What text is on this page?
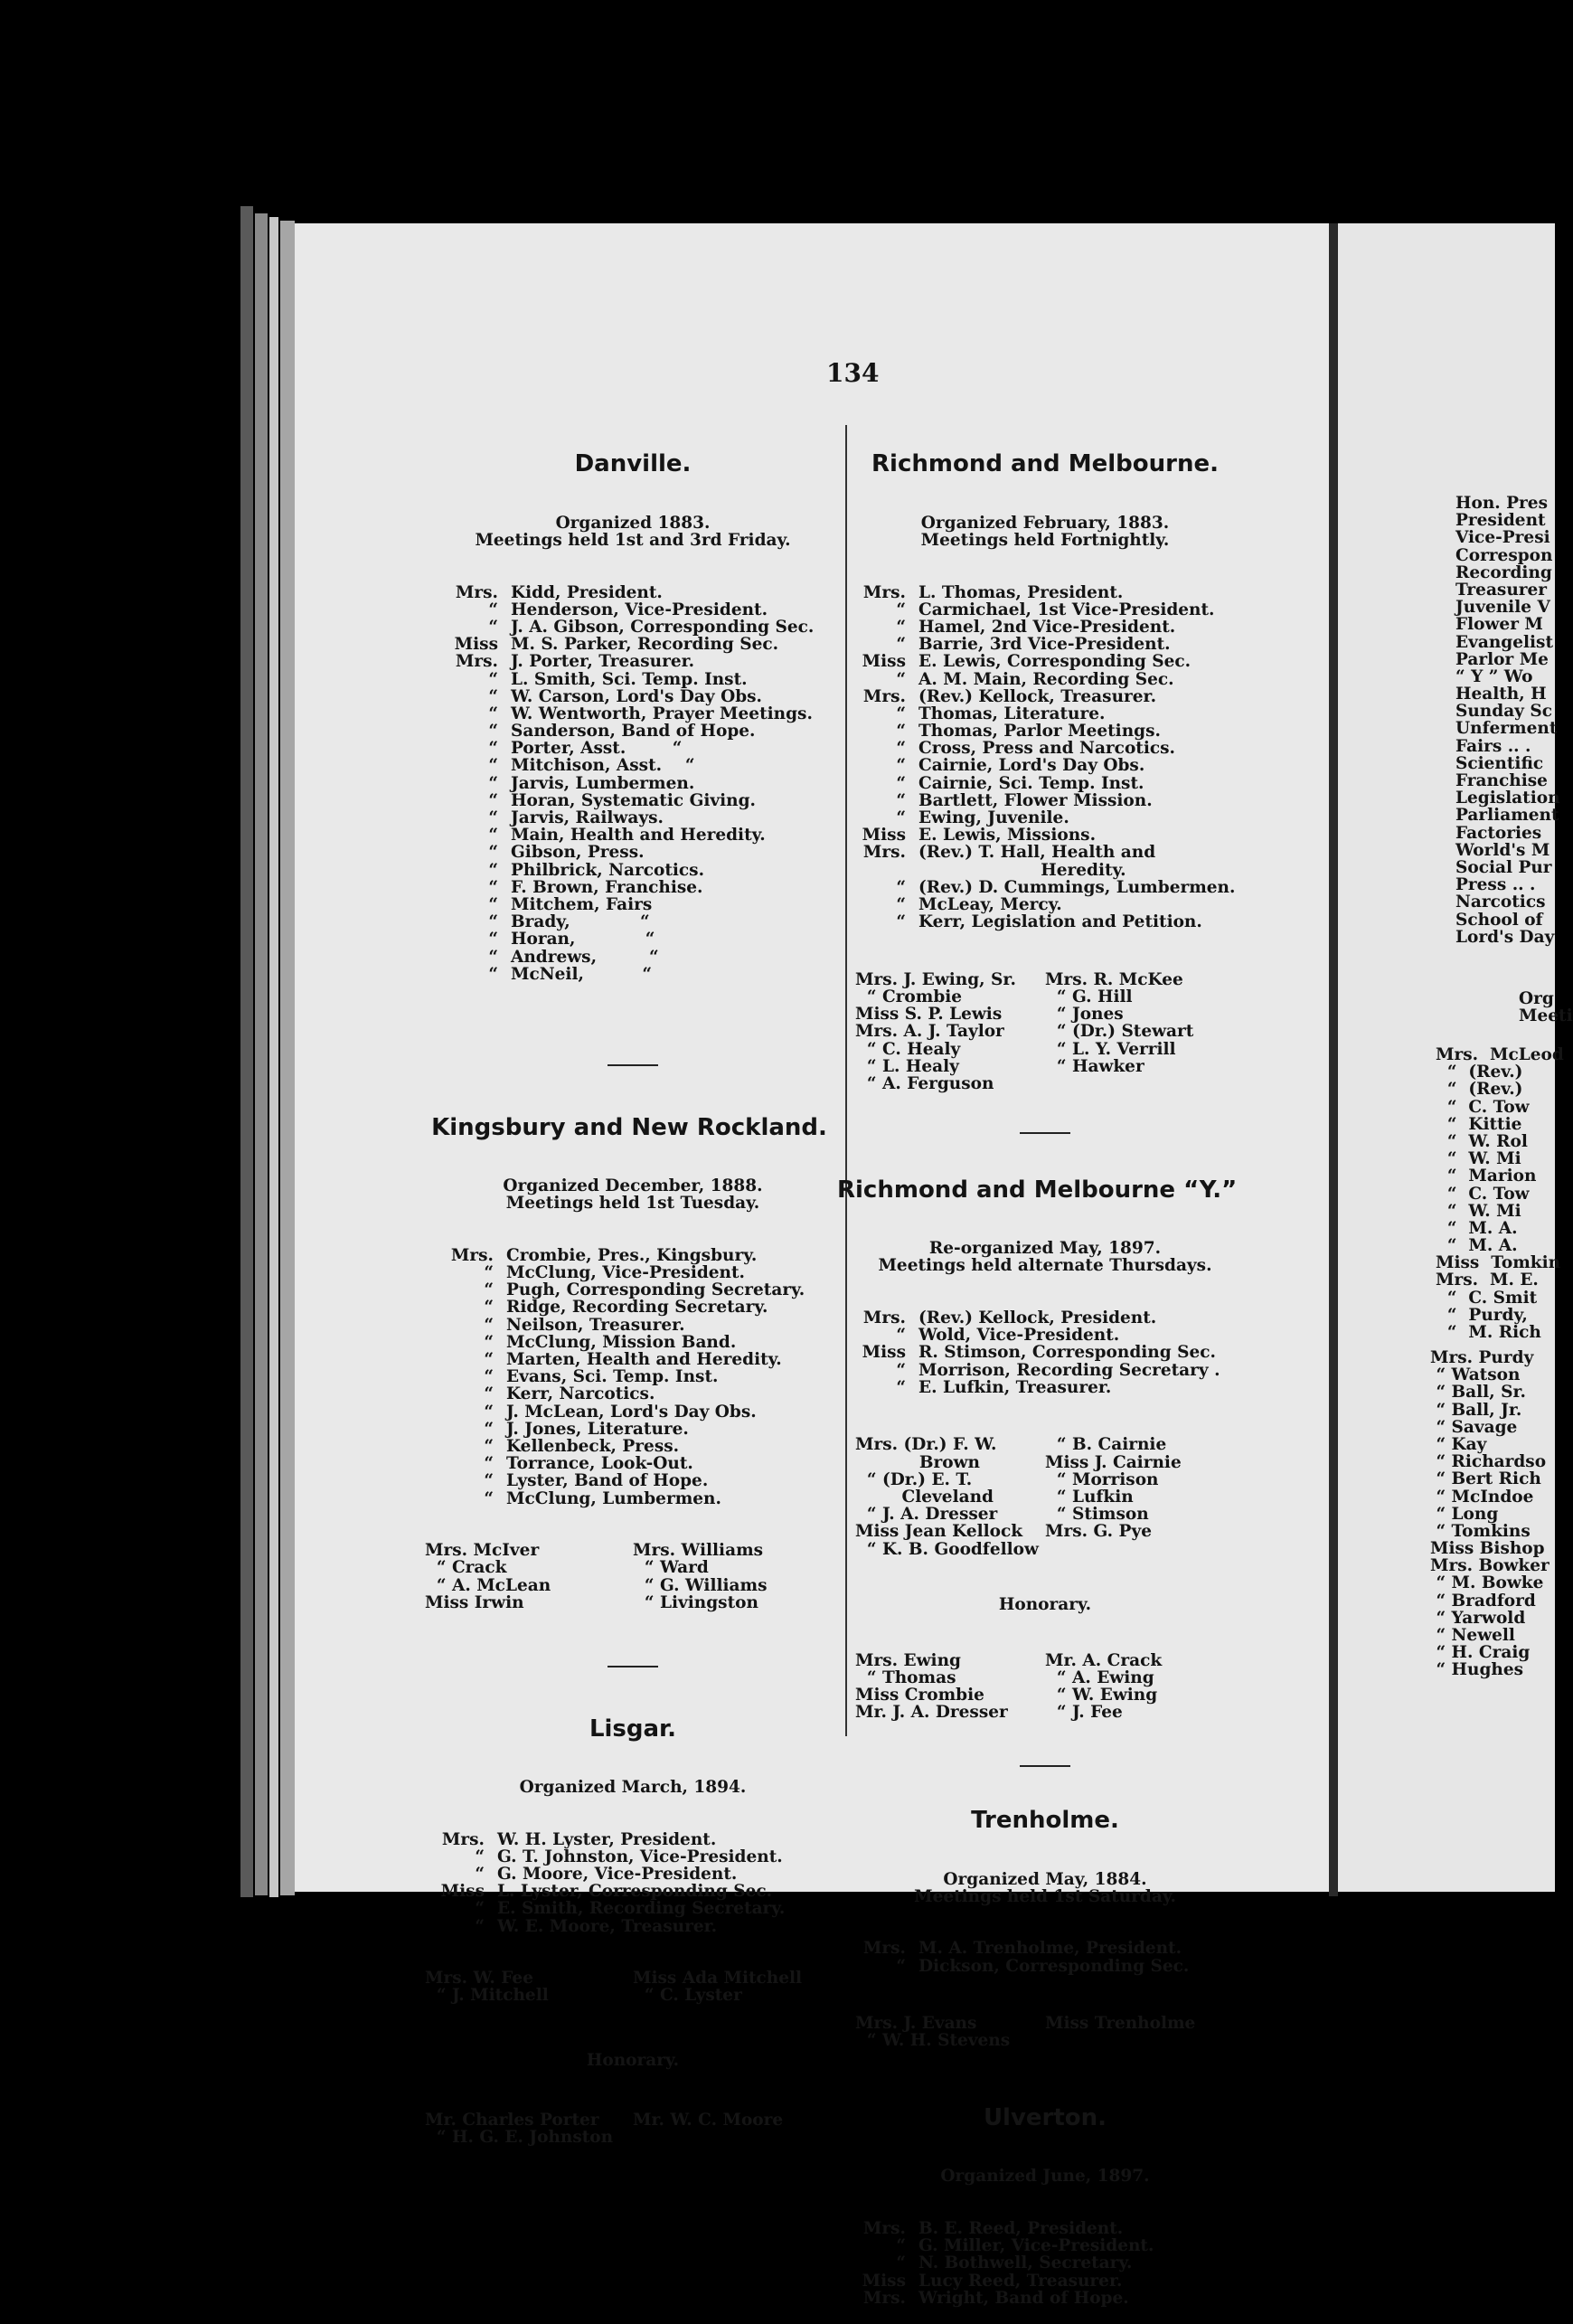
134

Danville.

Organized 1883.
Meetings held 1st and 3rd Friday.

Mrs. Kidd, President.
“ Henderson, Vice-President.
“ J. A. Gibson, Corresponding Sec.
Miss M. S. Parker, Recording Sec.
Mrs. J. Porter, Treasurer.
“ L. Smith, Sci. Temp. Inst.
“ W. Carson, Lord's Day Obs.
“ W. Wentworth, Prayer Meetings.
“ Sanderson, Band of Hope.
“ Porter, Asst.        “
“ Mitchison, Asst.    “
“ Jarvis, Lumbermen.
“ Horan, Systematic Giving.
“ Jarvis, Railways.
“ Main, Health and Heredity.
“ Gibson, Press.
“ Philbrick, Narcotics.
“ F. Brown, Franchise.
“ Mitchem, Fairs
“ Brady,            “
“ Horan,            “
“ Andrews,         “
“ McNeil,          “

Kingsbury and New Rockland.

Organized December, 1888.
Meetings held 1st Tuesday.

Mrs. Crombie, Pres., Kingsbury.
“ McClung, Vice-President.
“ Pugh, Corresponding Secretary.
“ Ridge, Recording Secretary.
“ Neilson, Treasurer.
“ McClung, Mission Band.
“ Marten, Health and Heredity.
“ Evans, Sci. Temp. Inst.
“ Kerr, Narcotics.
“ J. McLean, Lord's Day Obs.
“ J. Jones, Literature.
“ Kellenbeck, Press.
“ Torrance, Look-Out.
“ Lyster, Band of Hope.
“ McClung, Lumbermen.

Mrs. McIver
“ Crack
“ A. McLean
Miss Irwin
Mrs. Williams
“ Ward
“ G. Williams
“ Livingston

Lisgar.

Organized March, 1894.

Mrs. W. H. Lyster, President.
“ G. T. Johnston, Vice-President.
“ G. Moore, Vice-President.
Miss L. Lyster, Corresponding Sec.
“ E. Smith, Recording Secretary.
“ W. E. Moore, Treasurer.

Mrs. W. Fee
“ J. Mitchell
Miss Ada Mitchell
“ C. Lyster

Honorary.

Mr. Charles Porter
“ H. G. E. Johnston
Mr. W. C. Moore

Richmond and Melbourne.

Organized February, 1883.
Meetings held Fortnightly.

Mrs. L. Thomas, President.
“ Carmichael, 1st Vice-President.
“ Hamel, 2nd Vice-President.
“ Barrie, 3rd Vice-President.
Miss E. Lewis, Corresponding Sec.
“ A. M. Main, Recording Sec.
Mrs. (Rev.) Kellock, Treasurer.
“ Thomas, Literature.
“ Thomas, Parlor Meetings.
“ Cross, Press and Narcotics.
“ Cairnie, Lord's Day Obs.
“ Cairnie, Sci. Temp. Inst.
“ Bartlett, Flower Mission.
“ Ewing, Juvenile.
Miss E. Lewis, Missions.
Mrs. (Rev.) T. Hall, Health and
Heredity.
“ (Rev.) D. Cummings, Lumbermen.
“ McLeay, Mercy.
“ Kerr, Legislation and Petition.

Mrs. J. Ewing, Sr.
“ Crombie
Miss S. P. Lewis
Mrs. A. J. Taylor
“ C. Healy
“ L. Healy
“ A. Ferguson
Mrs. R. McKee
“ G. Hill
“ Jones
“ (Dr.) Stewart
“ L. Y. Verrill
“ Hawker

Richmond and Melbourne “Y.”

Re-organized May, 1897.
Meetings held alternate Thursdays.

Mrs. (Rev.) Kellock, President.
“ Wold, Vice-President.
Miss R. Stimson, Corresponding Sec.
“ Morrison, Recording Secretary .
“ E. Lufkin, Treasurer.

Mrs. (Dr.) F. W.
Brown
“ (Dr.) E. T.
Cleveland
“ J. A. Dresser
Miss Jean Kellock
“ K. B. Goodfellow
“ B. Cairnie
Miss J. Cairnie
“ Morrison
“ Lufkin
“ Stimson
Mrs. G. Pye

Honorary.

Mrs. Ewing
“ Thomas
Miss Crombie
Mr. J. A. Dresser
Mr. A. Crack
“ A. Ewing
“ W. Ewing
“ J. Fee

Trenholme.

Organized May, 1884.
Meetings held 1st Saturday.

Mrs. M. A. Trenholme, President.
“ Dickson, Corresponding Sec.

Mrs. J. Evans
“ W. H. Stevens
Miss Trenholme

Ulverton.

Organized June, 1897.

Mrs. B. E. Reed, President.
“ G. Miller, Vice-President.
“ N. Bothwell, Secretary.
Miss Lucy Reed, Treasurer.
Mrs. Wright, Band of Hope.

Hon. Pres
President
Vice-Presi
Correspon
Recording
Treasurer
Juvenile V
Flower M
Evangelist
Parlor Me
“ Y ” Wo
Health, H
Sunday Sc
Unferment
Fairs .. .
Scientific
Franchise
Legislation
Parliament
Factories
World's M
Social Pur
Press .. .
Narcotics
School of
Lord's Day
Org
Meeti
Mrs.  McLeod
“  (Rev.)
“  (Rev.)
“  C. Tow
“  Kittie
“  W. Rol
“  W. Mi
“  Marion
“  C. Tow
“  W. Mi
“  M. A.
“  M. A.
Miss  Tomkin
Mrs.  M. E.
“  C. Smit
“  Purdy,
“  M. Rich
Mrs. Purdy
“ Watson
“ Ball, Sr.
“ Ball, Jr.
“ Savage
“ Kay
“ Richardso
“ Bert Rich
“ McIndoe
“ Long
“ Tomkins
Miss Bishop
Mrs. Bowker
“ M. Bowke
“ Bradford
“ Yarwold
“ Newell
“ H. Craig
“ Hughes
